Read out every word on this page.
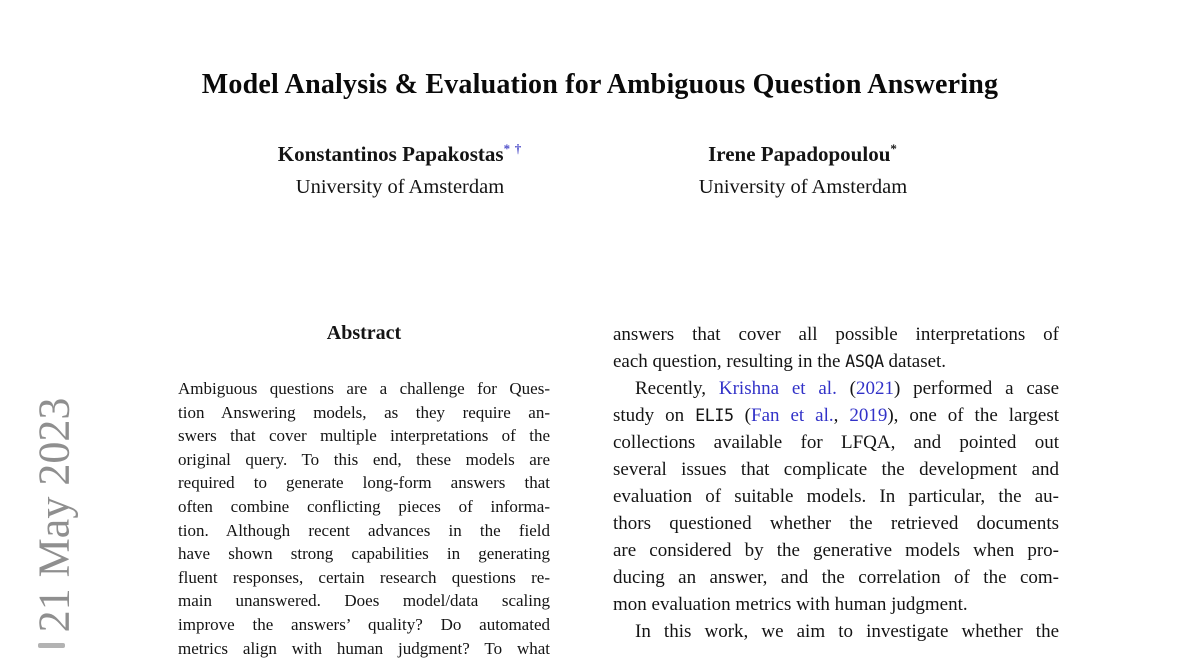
21 May 2023
Model Analysis & Evaluation for Ambiguous Question Answering
Konstantinos Papakostas* †
University of Amsterdam
Irene Papadopoulou*
University of Amsterdam
Abstract
Ambiguous questions are a challenge for Ques-
tion Answering models, as they require an-
swers that cover multiple interpretations of the
original query. To this end, these models are
required to generate long-form answers that
often combine conflicting pieces of informa-
tion. Although recent advances in the field
have shown strong capabilities in generating
fluent responses, certain research questions re-
main unanswered. Does model/data scaling
improve the answers’ quality? Do automated
metrics align with human judgment? To what
answers that cover all possible interpretations of
each question, resulting in the ASQA dataset.
Recently, Krishna et al. (2021) performed a case
study on ELI5 (Fan et al., 2019), one of the largest
collections available for LFQA, and pointed out
several issues that complicate the development and
evaluation of suitable models. In particular, the au-
thors questioned whether the retrieved documents
are considered by the generative models when pro-
ducing an answer, and the correlation of the com-
mon evaluation metrics with human judgment.
In this work, we aim to investigate whether the
